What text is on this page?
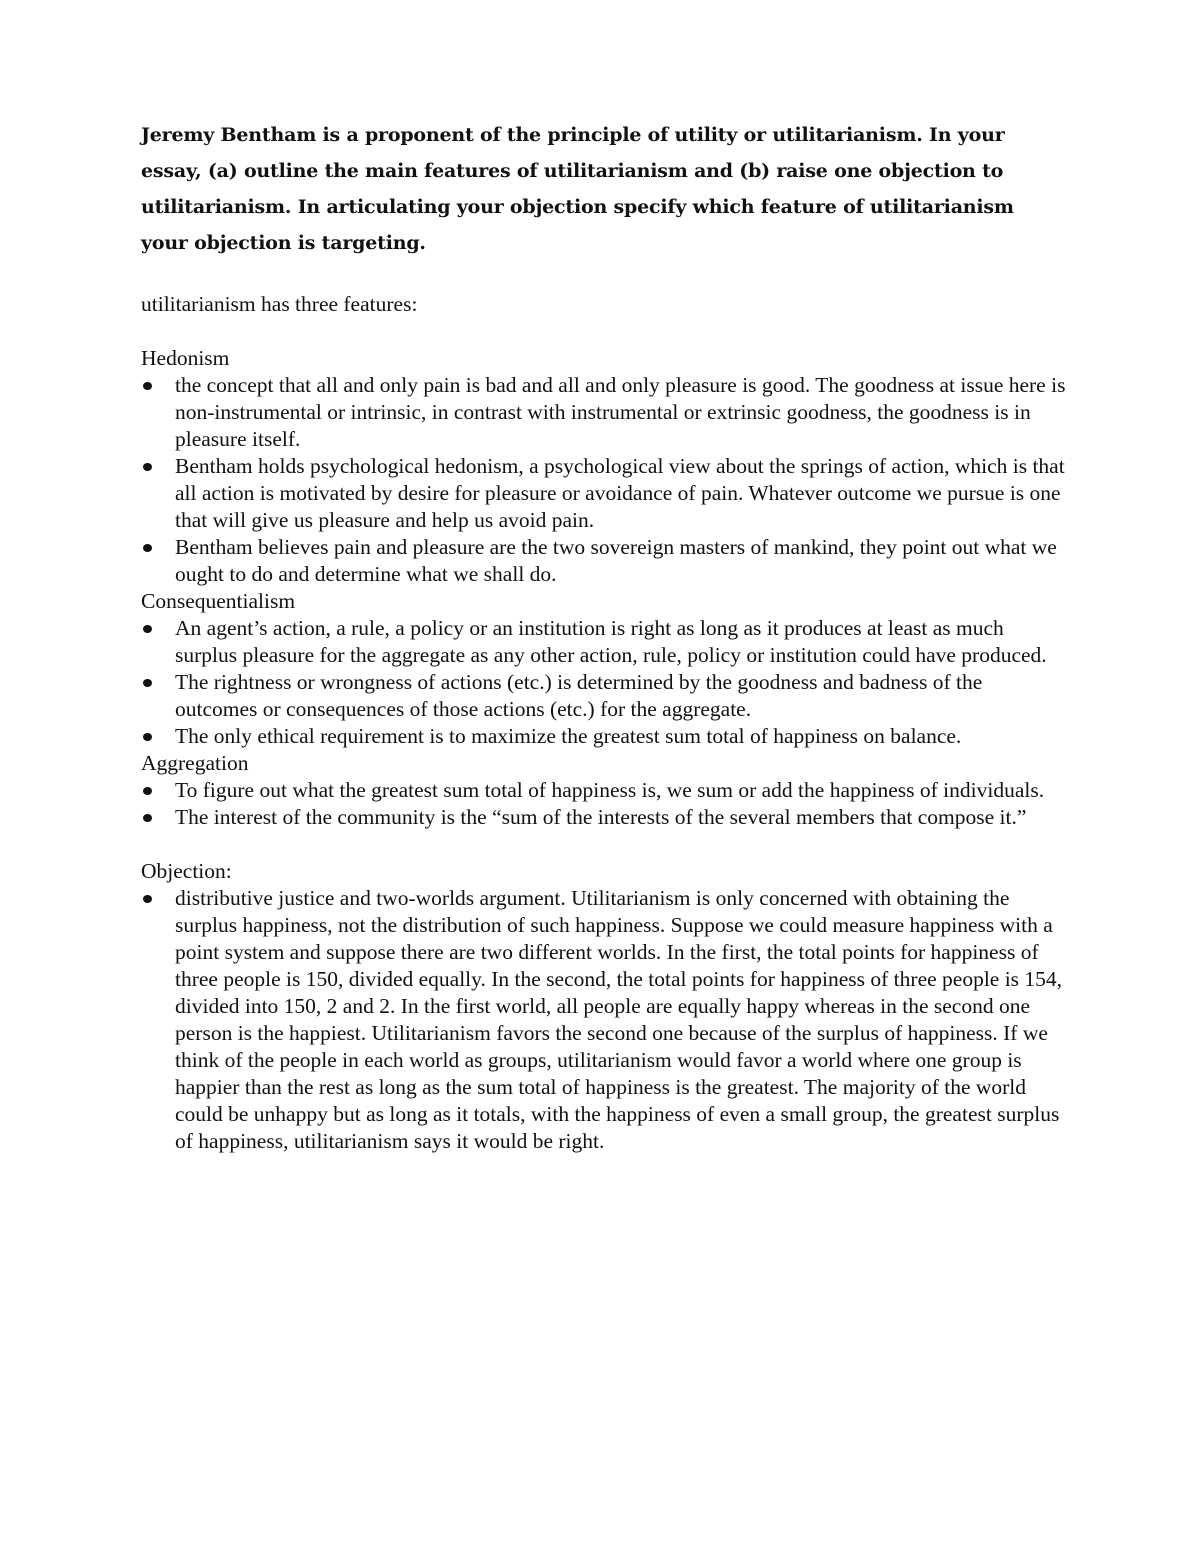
Jeremy Bentham is a proponent of the principle of utility or utilitarianism. In your essay, (a) outline the main features of utilitarianism and (b) raise one objection to utilitarianism. In articulating your objection specify which feature of utilitarianism your objection is targeting.

utilitarianism has three features:

Hedonism

the concept that all and only pain is bad and all and only pleasure is good. The goodness at issue here is non-instrumental or intrinsic, in contrast with instrumental or extrinsic goodness, the goodness is in pleasure itself.
Bentham holds psychological hedonism, a psychological view about the springs of action, which is that all action is motivated by desire for pleasure or avoidance of pain. Whatever outcome we pursue is one that will give us pleasure and help us avoid pain.
Bentham believes pain and pleasure are the two sovereign masters of mankind, they point out what we ought to do and determine what we shall do.

Consequentialism

An agent’s action, a rule, a policy or an institution is right as long as it produces at least as much surplus pleasure for the aggregate as any other action, rule, policy or institution could have produced.
The rightness or wrongness of actions (etc.) is determined by the goodness and badness of the outcomes or consequences of those actions (etc.) for the aggregate.
The only ethical requirement is to maximize the greatest sum total of happiness on balance.

Aggregation

To figure out what the greatest sum total of happiness is, we sum or add the happiness of individuals.
The interest of the community is the “sum of the interests of the several members that compose it.”

Objection:

distributive justice and two-worlds argument. Utilitarianism is only concerned with obtaining the surplus happiness, not the distribution of such happiness. Suppose we could measure happiness with a point system and suppose there are two different worlds. In the first, the total points for happiness of three people is 150, divided equally. In the second, the total points for happiness of three people is 154, divided into 150, 2 and 2. In the first world, all people are equally happy whereas in the second one person is the happiest. Utilitarianism favors the second one because of the surplus of happiness. If we think of the people in each world as groups, utilitarianism would favor a world where one group is happier than the rest as long as the sum total of happiness is the greatest. The majority of the world could be unhappy but as long as it totals, with the happiness of even a small group, the greatest surplus of happiness, utilitarianism says it would be right.
